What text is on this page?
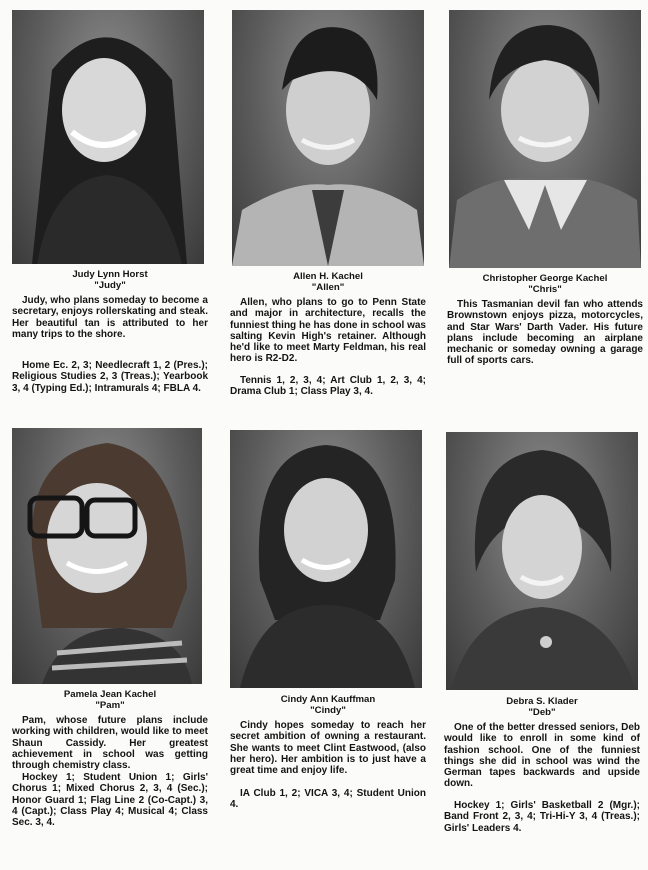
Judy Lynn Horst
"Judy"

Judy, who plans someday to become a secretary, enjoys rollerskating and steak. Her beautiful tan is attributed to her many trips to the shore.

Home Ec. 2, 3; Needlecraft 1, 2 (Pres.); Religious Studies 2, 3 (Treas.); Yearbook 3, 4 (Typing Ed.); Intramurals 4; FBLA 4.

Allen H. Kachel
"Allen"

Allen, who plans to go to Penn State and major in architecture, recalls the funniest thing he has done in school was salting Kevin High's retainer. Although he'd like to meet Marty Feldman, his real hero is R2-D2.

Tennis 1, 2, 3, 4; Art Club 1, 2, 3, 4; Drama Club 1; Class Play 3, 4.

Christopher George Kachel
"Chris"

This Tasmanian devil fan who attends Brownstown enjoys pizza, motorcycles, and Star Wars' Darth Vader. His future plans include becoming an airplane mechanic or someday owning a garage full of sports cars.

Pamela Jean Kachel
"Pam"

Pam, whose future plans include working with children, would like to meet Shaun Cassidy. Her greatest achievement in school was getting through chemistry class.

Hockey 1; Student Union 1; Girls' Chorus 1; Mixed Chorus 2, 3, 4 (Sec.); Honor Guard 1; Flag Line 2 (Co-Capt.) 3, 4 (Capt.); Class Play 4; Musical 4; Class Sec. 3, 4.

Cindy Ann Kauffman
"Cindy"

Cindy hopes someday to reach her secret ambition of owning a restaurant. She wants to meet Clint Eastwood, (also her hero). Her ambition is to just have a great time and enjoy life.

IA Club 1, 2; VICA 3, 4; Student Union 4.

Debra S. Klader
"Deb"

One of the better dressed seniors, Deb would like to enroll in some kind of fashion school. One of the funniest things she did in school was wind the German tapes backwards and upside down.

Hockey 1; Girls' Basketball 2 (Mgr.); Band Front 2, 3, 4; Tri-Hi-Y 3, 4 (Treas.); Girls' Leaders 4.
